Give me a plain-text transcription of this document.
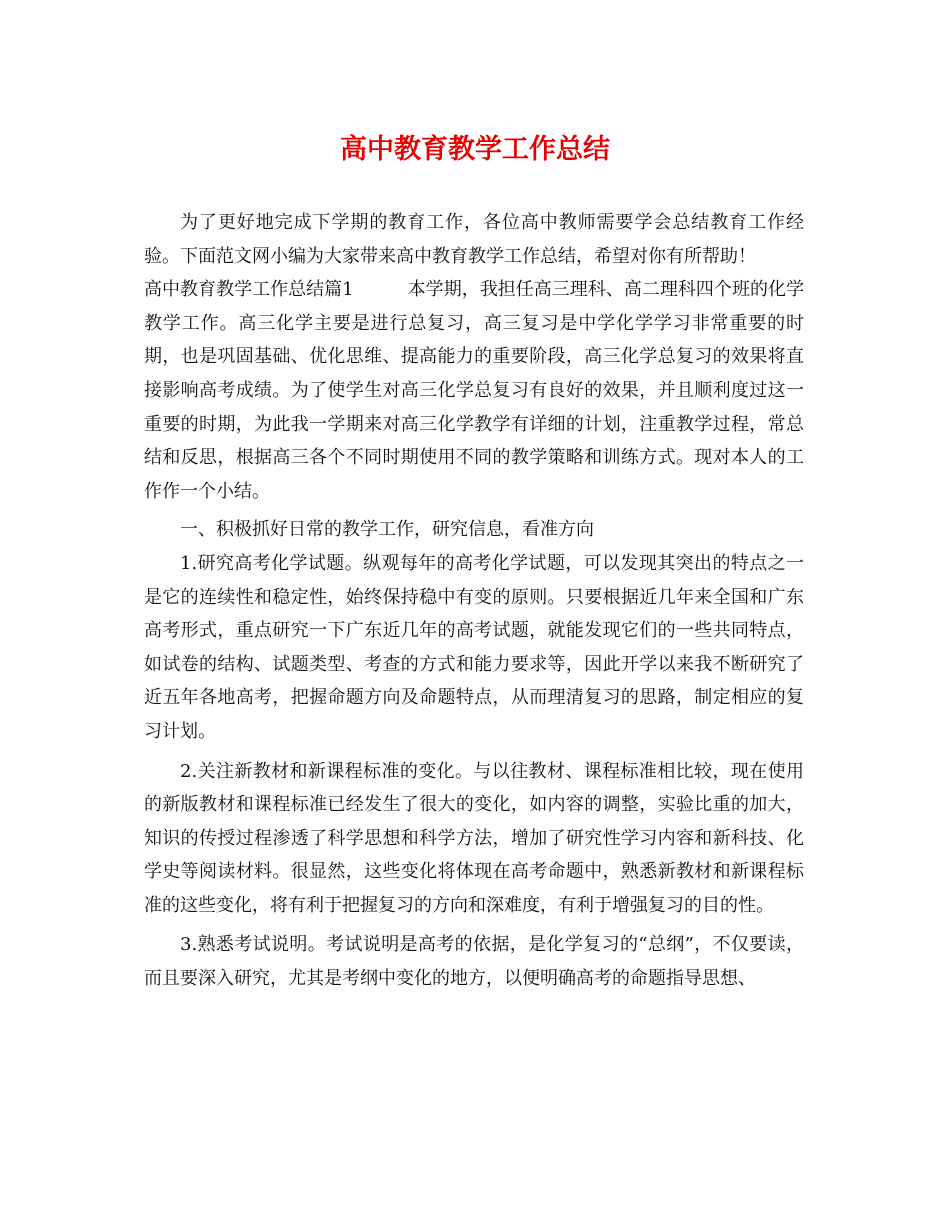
高中教育教学工作总结

为了更好地完成下学期的教育工作，各位高中教师需要学会总结教育工作经验。下面范文网小编为大家带来高中教育教学工作总结，希望对你有所帮助！

高中教育教学工作总结篇1	本学期，我担任高三理科、高二理科四个班的化学教学工作。高三化学主要是进行总复习，高三复习是中学化学学习非常重要的时期，也是巩固基础、优化思维、提高能力的重要阶段，高三化学总复习的效果将直接影响高考成绩。为了使学生对高三化学总复习有良好的效果，并且顺利度过这一重要的时期，为此我一学期来对高三化学教学有详细的计划，注重教学过程，常总结和反思，根据高三各个不同时期使用不同的教学策略和训练方式。现对本人的工作作一个小结。

一、积极抓好日常的教学工作，研究信息，看准方向

1.研究高考化学试题。纵观每年的高考化学试题，可以发现其突出的特点之一是它的连续性和稳定性，始终保持稳中有变的原则。只要根据近几年来全国和广东高考形式，重点研究一下广东近几年的高考试题，就能发现它们的一些共同特点，如试卷的结构、试题类型、考查的方式和能力要求等，因此开学以来我不断研究了近五年各地高考，把握命题方向及命题特点，从而理清复习的思路，制定相应的复习计划。

2.关注新教材和新课程标准的变化。与以往教材、课程标准相比较，现在使用的新版教材和课程标准已经发生了很大的变化，如内容的调整，实验比重的加大，知识的传授过程渗透了科学思想和科学方法，增加了研究性学习内容和新科技、化学史等阅读材料。很显然，这些变化将体现在高考命题中，熟悉新教材和新课程标准的这些变化，将有利于把握复习的方向和深难度，有利于增强复习的目的性。

3.熟悉考试说明。考试说明是高考的依据，是化学复习的“总纲”，不仅要读，而且要深入研究，尤其是考纲中变化的地方，以便明确高考的命题指导思想、
